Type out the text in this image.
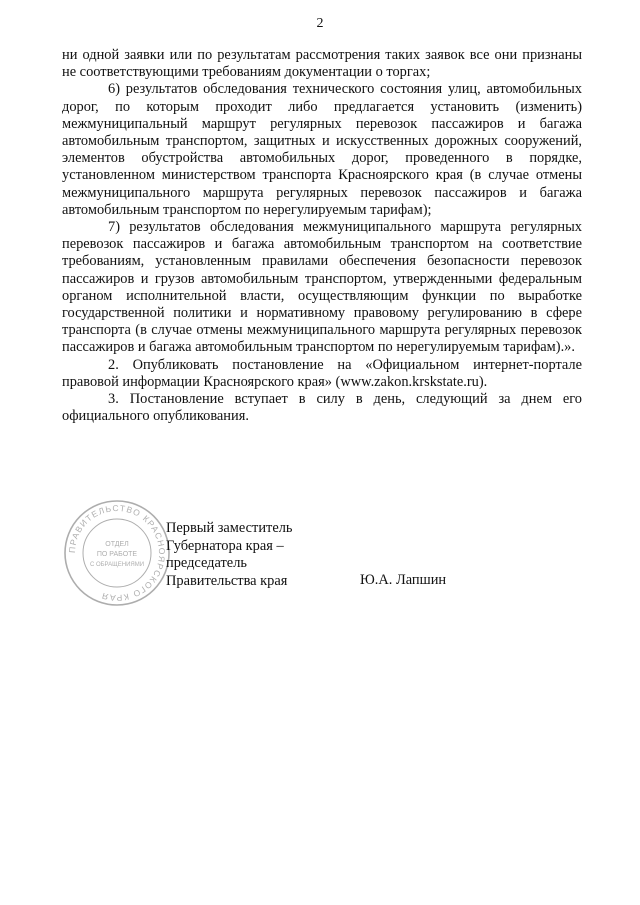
2

ни одной заявки или по результатам рассмотрения таких заявок все они признаны не соответствующими требованиям документации о торгах;

6) результатов обследования технического состояния улиц, автомобильных дорог, по которым проходит либо предлагается установить (изменить) межмуниципальный маршрут регулярных перевозок пассажиров и багажа автомобильным транспортом, защитных и искусственных дорожных сооружений, элементов обустройства автомобильных дорог, проведенного в порядке, установленном министерством транспорта Красноярского края (в случае отмены межмуниципального маршрута регулярных перевозок пассажиров и багажа автомобильным транспортом по нерегулируемым тарифам);

7) результатов обследования межмуниципального маршрута регулярных перевозок пассажиров и багажа автомобильным транспортом на соответствие требованиям, установленным правилами обеспечения безопасности перевозок пассажиров и грузов автомобильным транспортом, утвержденными федеральным органом исполнительной власти, осуществляющим функции по выработке государственной политики и нормативному правовому регулированию в сфере транспорта (в случае отмены межмуниципального маршрута регулярных перевозок пассажиров и багажа автомобильным транспортом по нерегулируемым тарифам).».

2. Опубликовать постановление на «Официальном интернет-портале правовой информации Красноярского края» (www.zakon.krskstate.ru).

3. Постановление вступает в силу в день, следующий за днем его официального опубликования.

ПРАВИТЕЛЬСТВО КРАСНОЯРСКОГО КРАЯ
ОТДЕЛ
ПО РАБОТЕ
С ОБРАЩЕНИЯМИ
Первый заместитель
Губернатора края –
председатель
Правительства края	Ю.А. Лапшин
